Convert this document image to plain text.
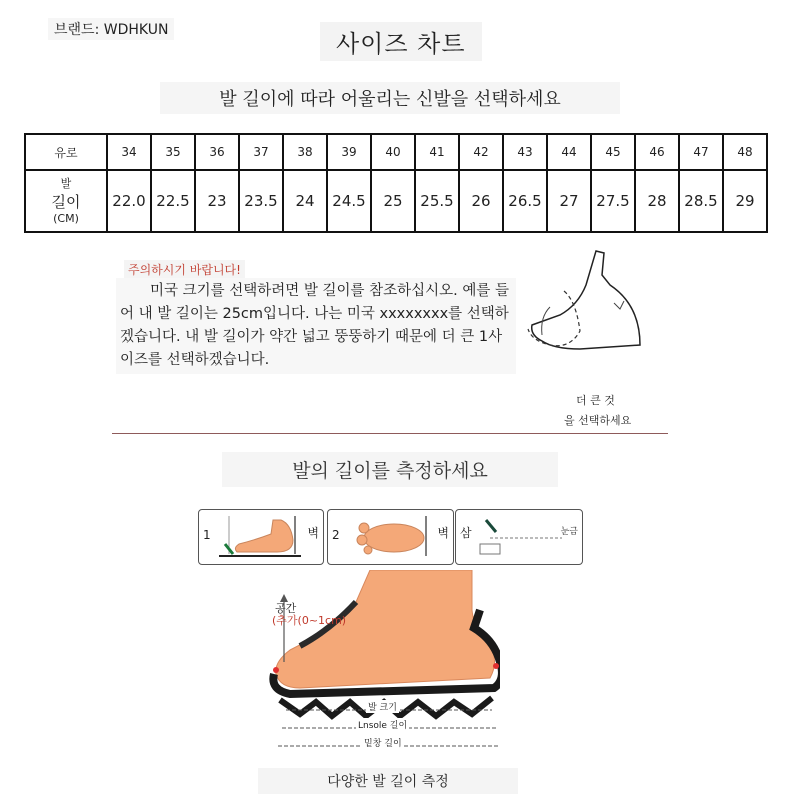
브랜드: WDHKUN	사이즈 차트
발 길이에 따라 어울리는 신발을 선택하세요
유로	34	35	36	37	38	39	40	41	42	43	44	45	46	47	48

발
길이
(CM)	22.0	22.5	23	23.5	24	24.5	25	25.5	26	26.5	27	27.5	28	28.5	29
주의하시기 바랍니다!
미국 크기를 선택하려면 발 길이를 참조하십시오. 예를 들어 내 발 길이는 25cm입니다. 나는 미국 xxxxxxxx를 선택하겠습니다. 내 발 길이가 약간 넓고 뚱뚱하기 때문에 더 큰 1사이즈를 선택하겠습니다.
더 큰 것
을 선택하세요
발의 길이를 측정하세요
1	벽 2	벽 삼	눈금
공간
(추가(0~1cm)
발 크기
Lnsole 길이
밑창 길이
다양한 발 길이 측정
